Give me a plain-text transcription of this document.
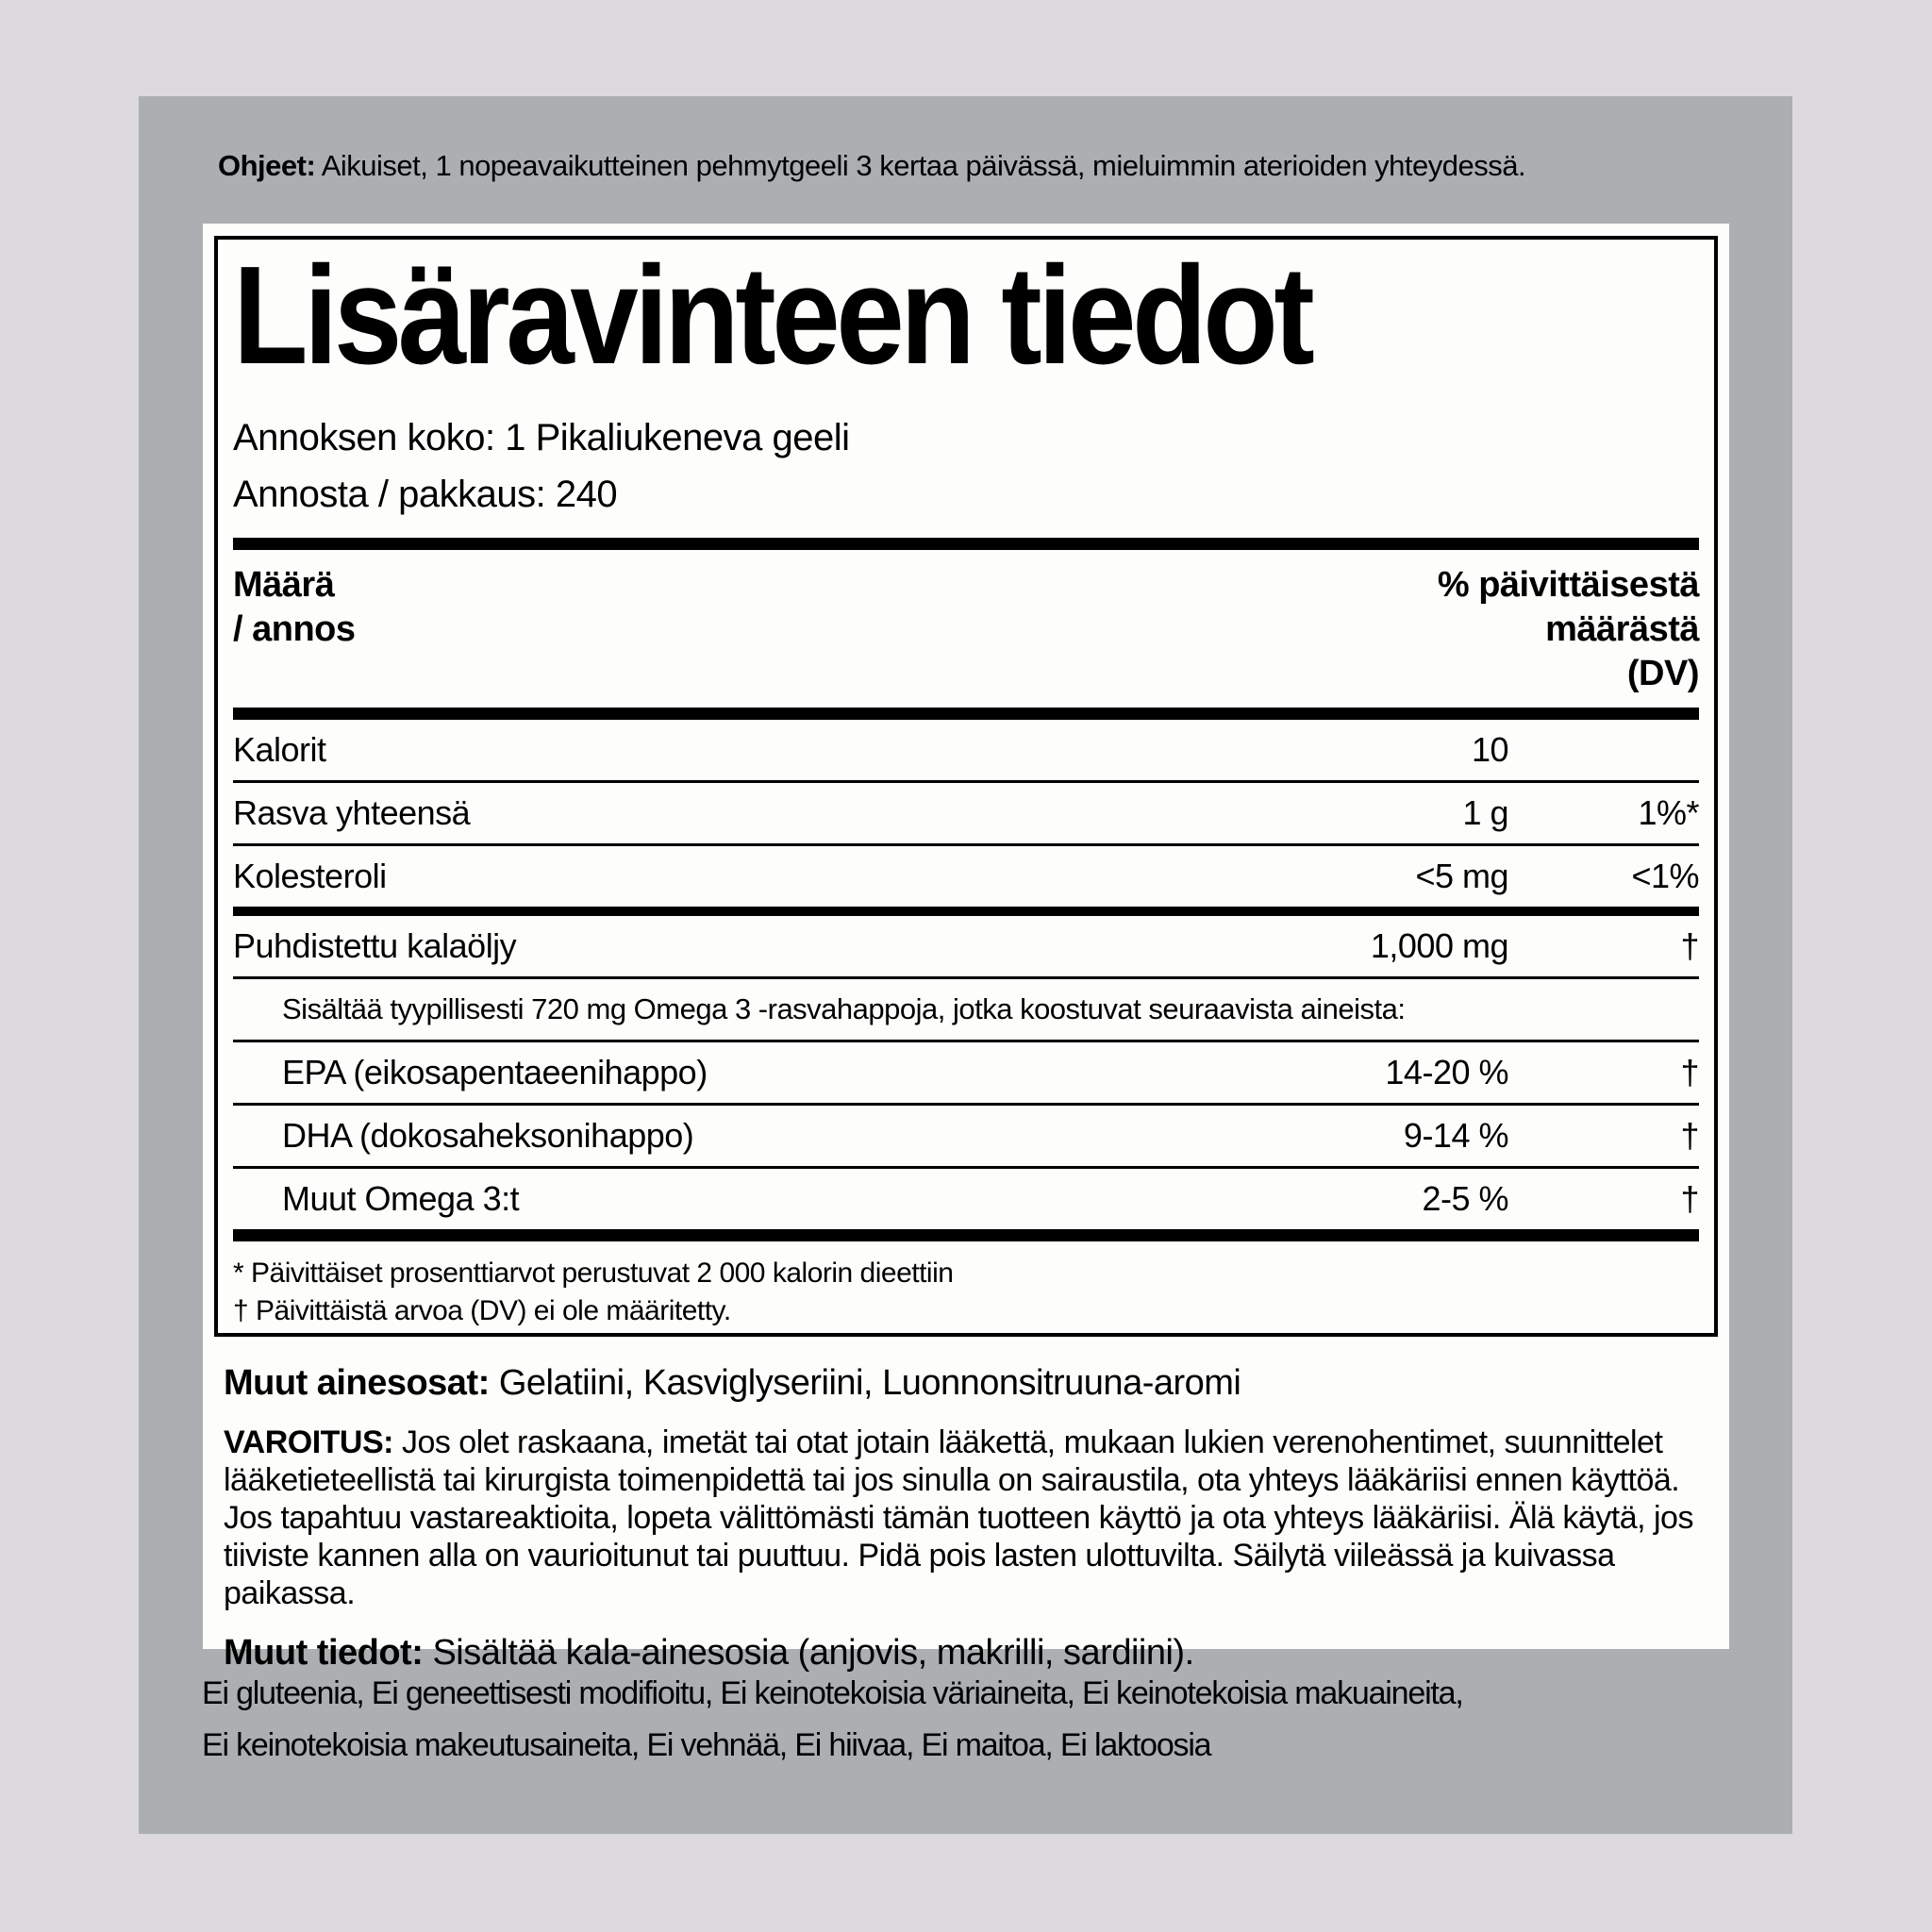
Ohjeet: Aikuiset, 1 nopeavaikutteinen pehmytgeeli 3 kertaa päivässä, mieluimmin aterioiden yhteydessä.
Lisäravinteen tiedot
Annoksen koko: 1 Pikaliukeneva geeli
Annosta / pakkaus: 240
Määrä
/ annos
% päivittäisestä
määrästä
(DV)
Kalorit	10
Rasva yhteensä	1 g	1%*
Kolesteroli	<5 mg	<1%
Puhdistettu kalaöljy	1,000 mg	†
Sisältää tyypillisesti 720 mg Omega 3 -rasvahappoja, jotka koostuvat seuraavista aineista:
EPA (eikosapentaeenihappo)	14-20 %	†
DHA (dokosaheksonihappo)	9-14 %	†
Muut Omega 3:t	2-5 %	†
* Päivittäiset prosenttiarvot perustuvat 2 000 kalorin dieettiin
† Päivittäistä arvoa (DV) ei ole määritetty.
Muut ainesosat: Gelatiini, Kasviglyseriini, Luonnonsitruuna-aromi
VAROITUS: Jos olet raskaana, imetät tai otat jotain lääkettä, mukaan lukien verenohentimet, suunnittelet lääketieteellistä tai kirurgista toimenpidettä tai jos sinulla on sairaustila, ota yhteys lääkäriisi ennen käyttöä. Jos tapahtuu vastareaktioita, lopeta välittömästi tämän tuotteen käyttö ja ota yhteys lääkäriisi. Älä käytä, jos tiiviste kannen alla on vaurioitunut tai puuttuu. Pidä pois lasten ulottuvilta. Säilytä viileässä ja kuivassa paikassa.
Muut tiedot: Sisältää kala-ainesosia (anjovis, makrilli, sardiini).
Ei gluteenia, Ei geneettisesti modifioitu, Ei keinotekoisia väriaineita, Ei keinotekoisia makuaineita,
Ei keinotekoisia makeutusaineita, Ei vehnää, Ei hiivaa, Ei maitoa, Ei laktoosia
